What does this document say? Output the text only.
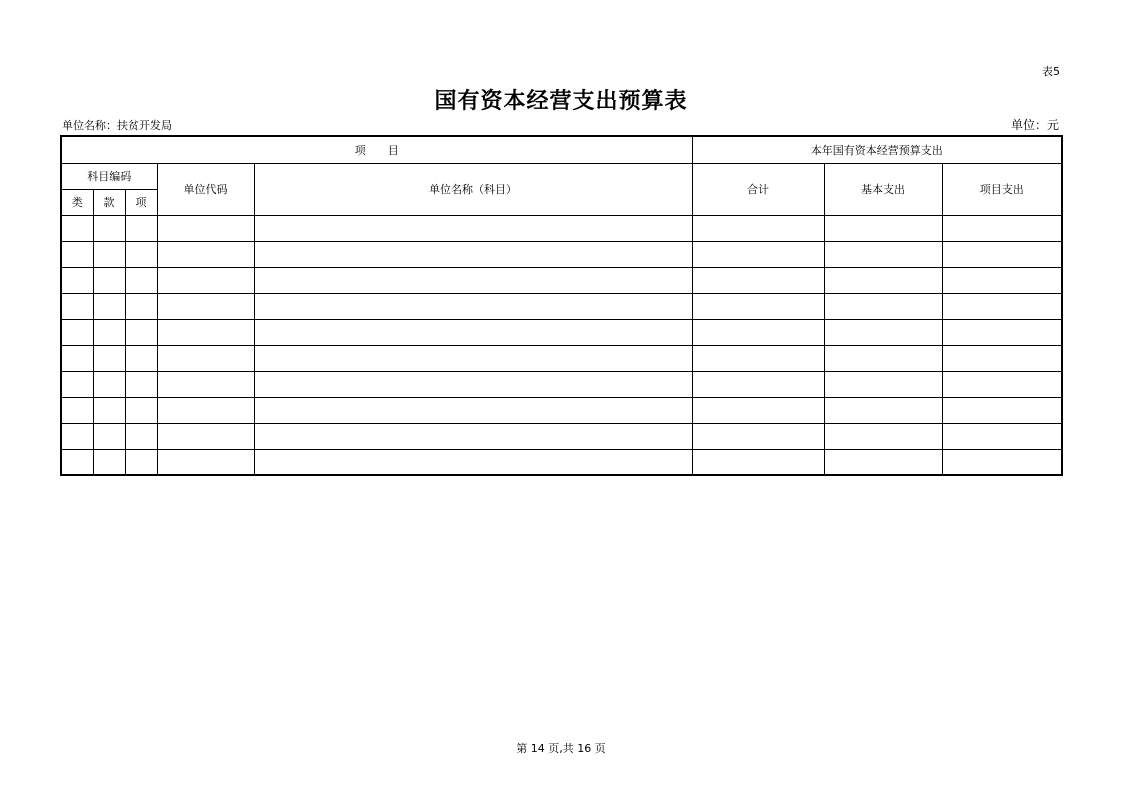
表5
国有资本经营支出预算表
单位名称：扶贫开发局	单位：元
项　　目					本年国有资本经营预算支出		
科目编码			单位代码	单位名称（科目）	合计	基本支出	项目支出
类	款	项					

第 14 页,共 16 页
